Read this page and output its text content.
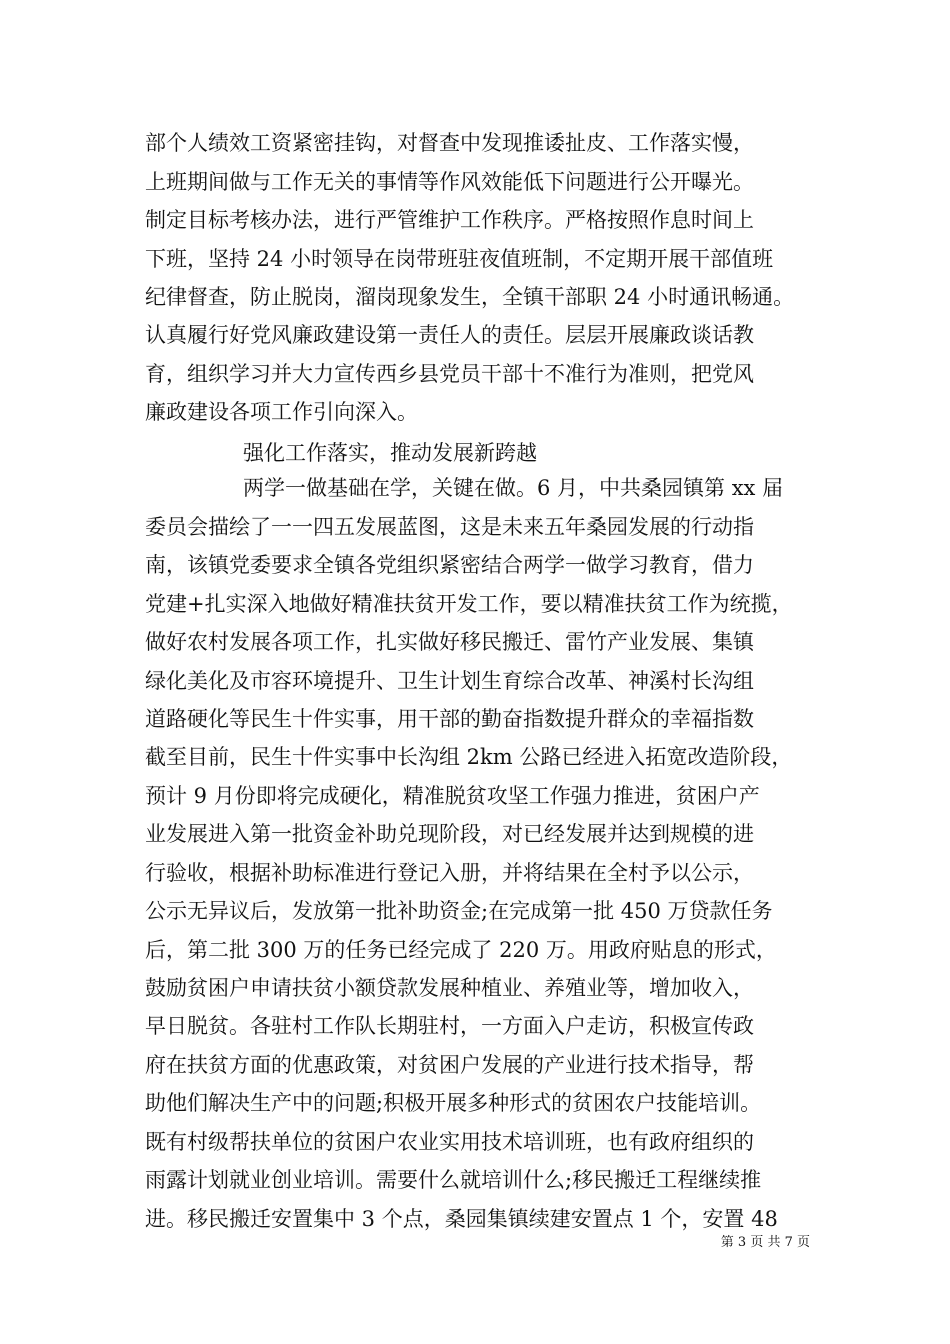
部个人绩效工资紧密挂钩，对督查中发现推诿扯皮、工作落实慢，
上班期间做与工作无关的事情等作风效能低下问题进行公开曝光。
制定目标考核办法，进行严管维护工作秩序。严格按照作息时间上
下班，坚持 24 小时领导在岗带班驻夜值班制，不定期开展干部值班
纪律督查，防止脱岗，溜岗现象发生，全镇干部职 24 小时通讯畅通。
认真履行好党风廉政建设第一责任人的责任。层层开展廉政谈话教
育，组织学习并大力宣传西乡县党员干部十不准行为准则，把党风
廉政建设各项工作引向深入。
强化工作落实，推动发展新跨越
两学一做基础在学，关键在做。6 月，中共桑园镇第 xx 届
委员会描绘了一一四五发展蓝图，这是未来五年桑园发展的行动指
南，该镇党委要求全镇各党组织紧密结合两学一做学习教育，借力
党建+扎实深入地做好精准扶贫开发工作，要以精准扶贫工作为统揽，
做好农村发展各项工作，扎实做好移民搬迁、雷竹产业发展、集镇
绿化美化及市容环境提升、卫生计划生育综合改革、神溪村长沟组
道路硬化等民生十件实事，用干部的勤奋指数提升群众的幸福指数
截至目前，民生十件实事中长沟组 2km 公路已经进入拓宽改造阶段，
预计 9 月份即将完成硬化，精准脱贫攻坚工作强力推进，贫困户产
业发展进入第一批资金补助兑现阶段，对已经发展并达到规模的进
行验收，根据补助标准进行登记入册，并将结果在全村予以公示，
公示无异议后，发放第一批补助资金;在完成第一批 450 万贷款任务
后，第二批 300 万的任务已经完成了 220 万。用政府贴息的形式，
鼓励贫困户申请扶贫小额贷款发展种植业、养殖业等，增加收入，
早日脱贫。各驻村工作队长期驻村，一方面入户走访，积极宣传政
府在扶贫方面的优惠政策，对贫困户发展的产业进行技术指导，帮
助他们解决生产中的问题;积极开展多种形式的贫困农户技能培训。
既有村级帮扶单位的贫困户农业实用技术培训班，也有政府组织的
雨露计划就业创业培训。需要什么就培训什么;移民搬迁工程继续推
进。移民搬迁安置集中 3 个点，桑园集镇续建安置点 1 个，安置 48
第 3 页 共 7 页
